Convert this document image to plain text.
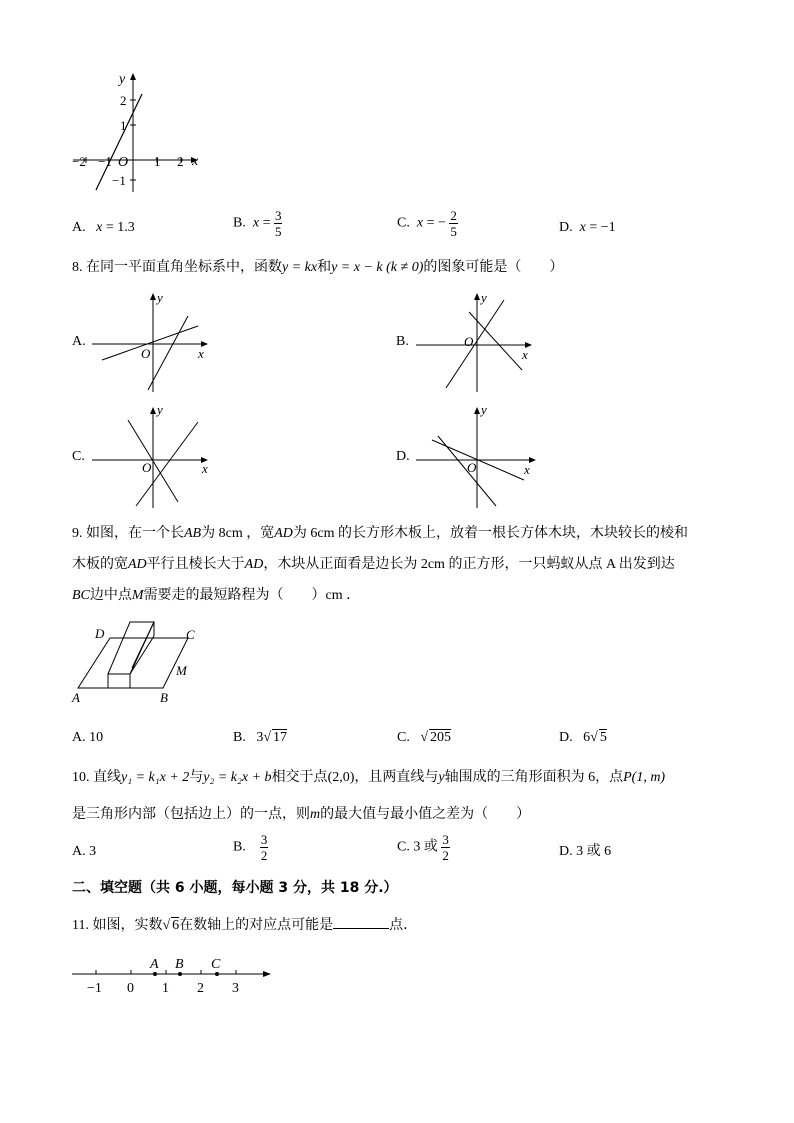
y
x
O
2
1
−2 −1	1 2
−1
A. x = 1.3	B. $x = \frac{3}{5}$	C. x = − $\frac{2}{5}$	D. x = −1
8. 在同一平面直角坐标系中，函数y = kx和y = x − k (k ≠ 0)的图象可能是（　　）
A.
y
x
O
B.
y
x
O
C.
y
x
O
D.
y
x
O
9. 如图，在一个长AB为 8cm ，宽AD为 6cm 的长方形木板上，放着一根长方体木块，木块较长的棱和
木板的宽AD平行且棱长大于AD，木块从正面看是边长为 2cm 的正方形，一只蚂蚁从点 A 出发到达
BC边中点M需要走的最短路程为（　　）cm ．
D	C
M
A	B
A. 10	B. 3√ 17	C.   √ 205	D. 6√ 5
10. 直线y₁ = k₁x + 2与y₂ = k₂x + b相交于点(2,0)，且两直线与y轴围成的三角形面积为 6，点P(1, m)
是三角形内部（包括边上）的一点，则m的最大值与最小值之差为（　　）
A. 3	B. $\frac{3}{2}$	C. 3 或 $\frac{3}{2}$	D. 3 或 6
二、填空题（共 6 小题，每小题 3 分，共 18 分.）
11. 如图，实数√ 6在数轴上的对应点可能是	点．
A B C
−1 0 1 2 3
